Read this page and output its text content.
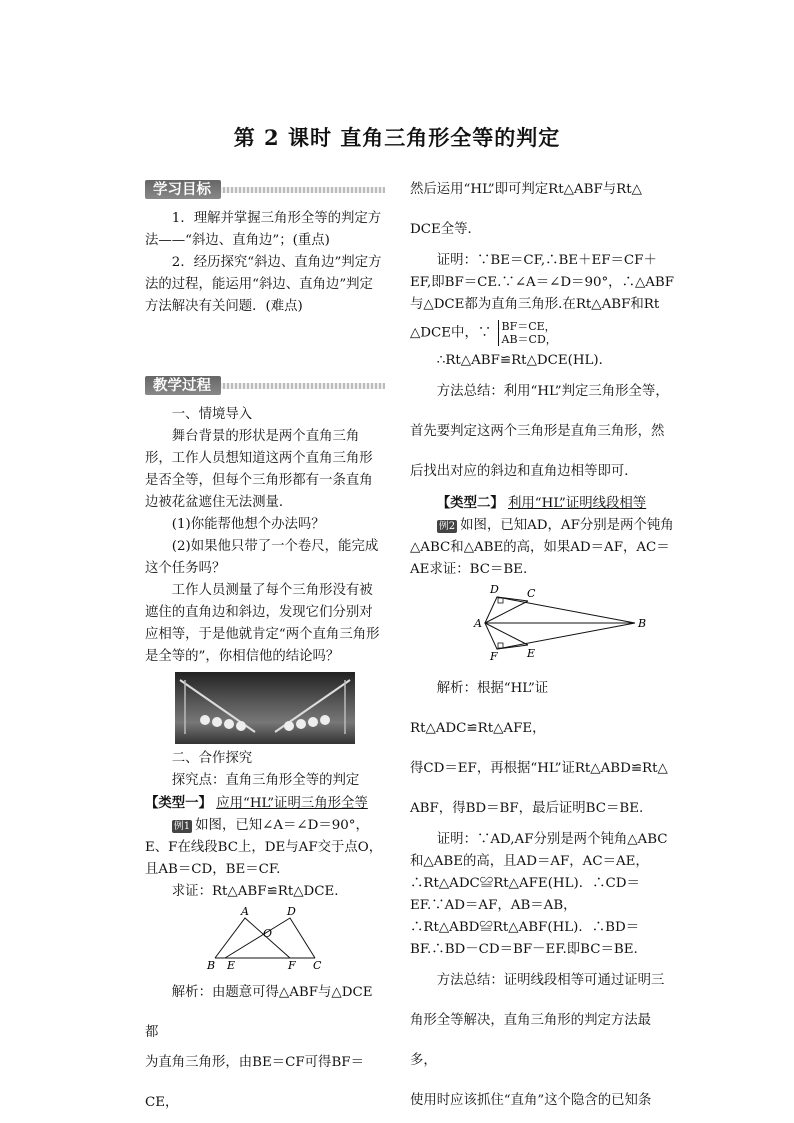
第 2 课时 直角三角形全等的判定
学习目标

1．理解并掌握三角形全等的判定方法——“斜边、直角边”；(重点)

2．经历探究“斜边、直角边”判定方法的过程，能运用“斜边、直角边”判定方法解决有关问题．(难点)

教学过程

一、情境导入

舞台背景的形状是两个直角三角形，工作人员想知道这两个直角三角形是否全等，但每个三角形都有一条直角边被花盆遮住无法测量．

(1)你能帮他想个办法吗？

(2)如果他只带了一个卷尺，能完成这个任务吗？

工作人员测量了每个三角形没有被遮住的直角边和斜边，发现它们分别对应相等，于是他就肯定“两个直角三角形是全等的”，你相信他的结论吗？

二、合作探究

探究点：直角三角形全等的判定

【类型一】 应用“HL”证明三角形全等

例1 如图，已知∠A＝∠D＝90°，E、F在线段BC上，DE与AF交于点O，且AB＝CD，BE＝CF.

求证：Rt△ABF≌Rt△DCE.

A	D
O
B E	F C

解析：由题意可得△ABF与△DCE都

为直角三角形，由BE＝CF可得BF＝CE，

然后运用“HL”即可判定Rt△ABF与Rt△

DCE全等．

证明：∵BE＝CF,∴BE＋EF＝CF＋EF,即BF＝CE.∵∠A＝∠D＝90°，∴△ABF与△DCE都为直角三角形.在Rt△ABF和Rt

△DCE中，∵ BF＝CE，
AB＝CD，

∴Rt△ABF≌Rt△DCE(HL)．

方法总结：利用“HL”判定三角形全等，

首先要判定这两个三角形是直角三角形，然

后找出对应的斜边和直角边相等即可．

【类型二】 利用“HL”证明线段相等

例2 如图，已知AD，AF分别是两个钝角△ABC和△ABE的高，如果AD＝AF，AC＝AE求证：BC＝BE.

D	C
A	B
F	E

解析：根据“HL”证Rt△ADC≌Rt△AFE，

得CD＝EF，再根据“HL”证Rt△ABD≌Rt△

ABF，得BD＝BF，最后证明BC＝BE.

证明：∵AD,AF分别是两个钝角△ABC和△ABE的高，且AD＝AF，AC＝AE，∴Rt△ADC≌Rt△AFE(HL)．∴CD＝EF.∵AD＝AF，AB＝AB，∴Rt△ABD≌Rt△ABF(HL)．∴BD＝BF.∴BD－CD＝BF－EF.即BC＝BE.

方法总结：证明线段相等可通过证明三

角形全等解决，直角三角形的判定方法最多，

使用时应该抓住“直角”这个隐含的已知条
